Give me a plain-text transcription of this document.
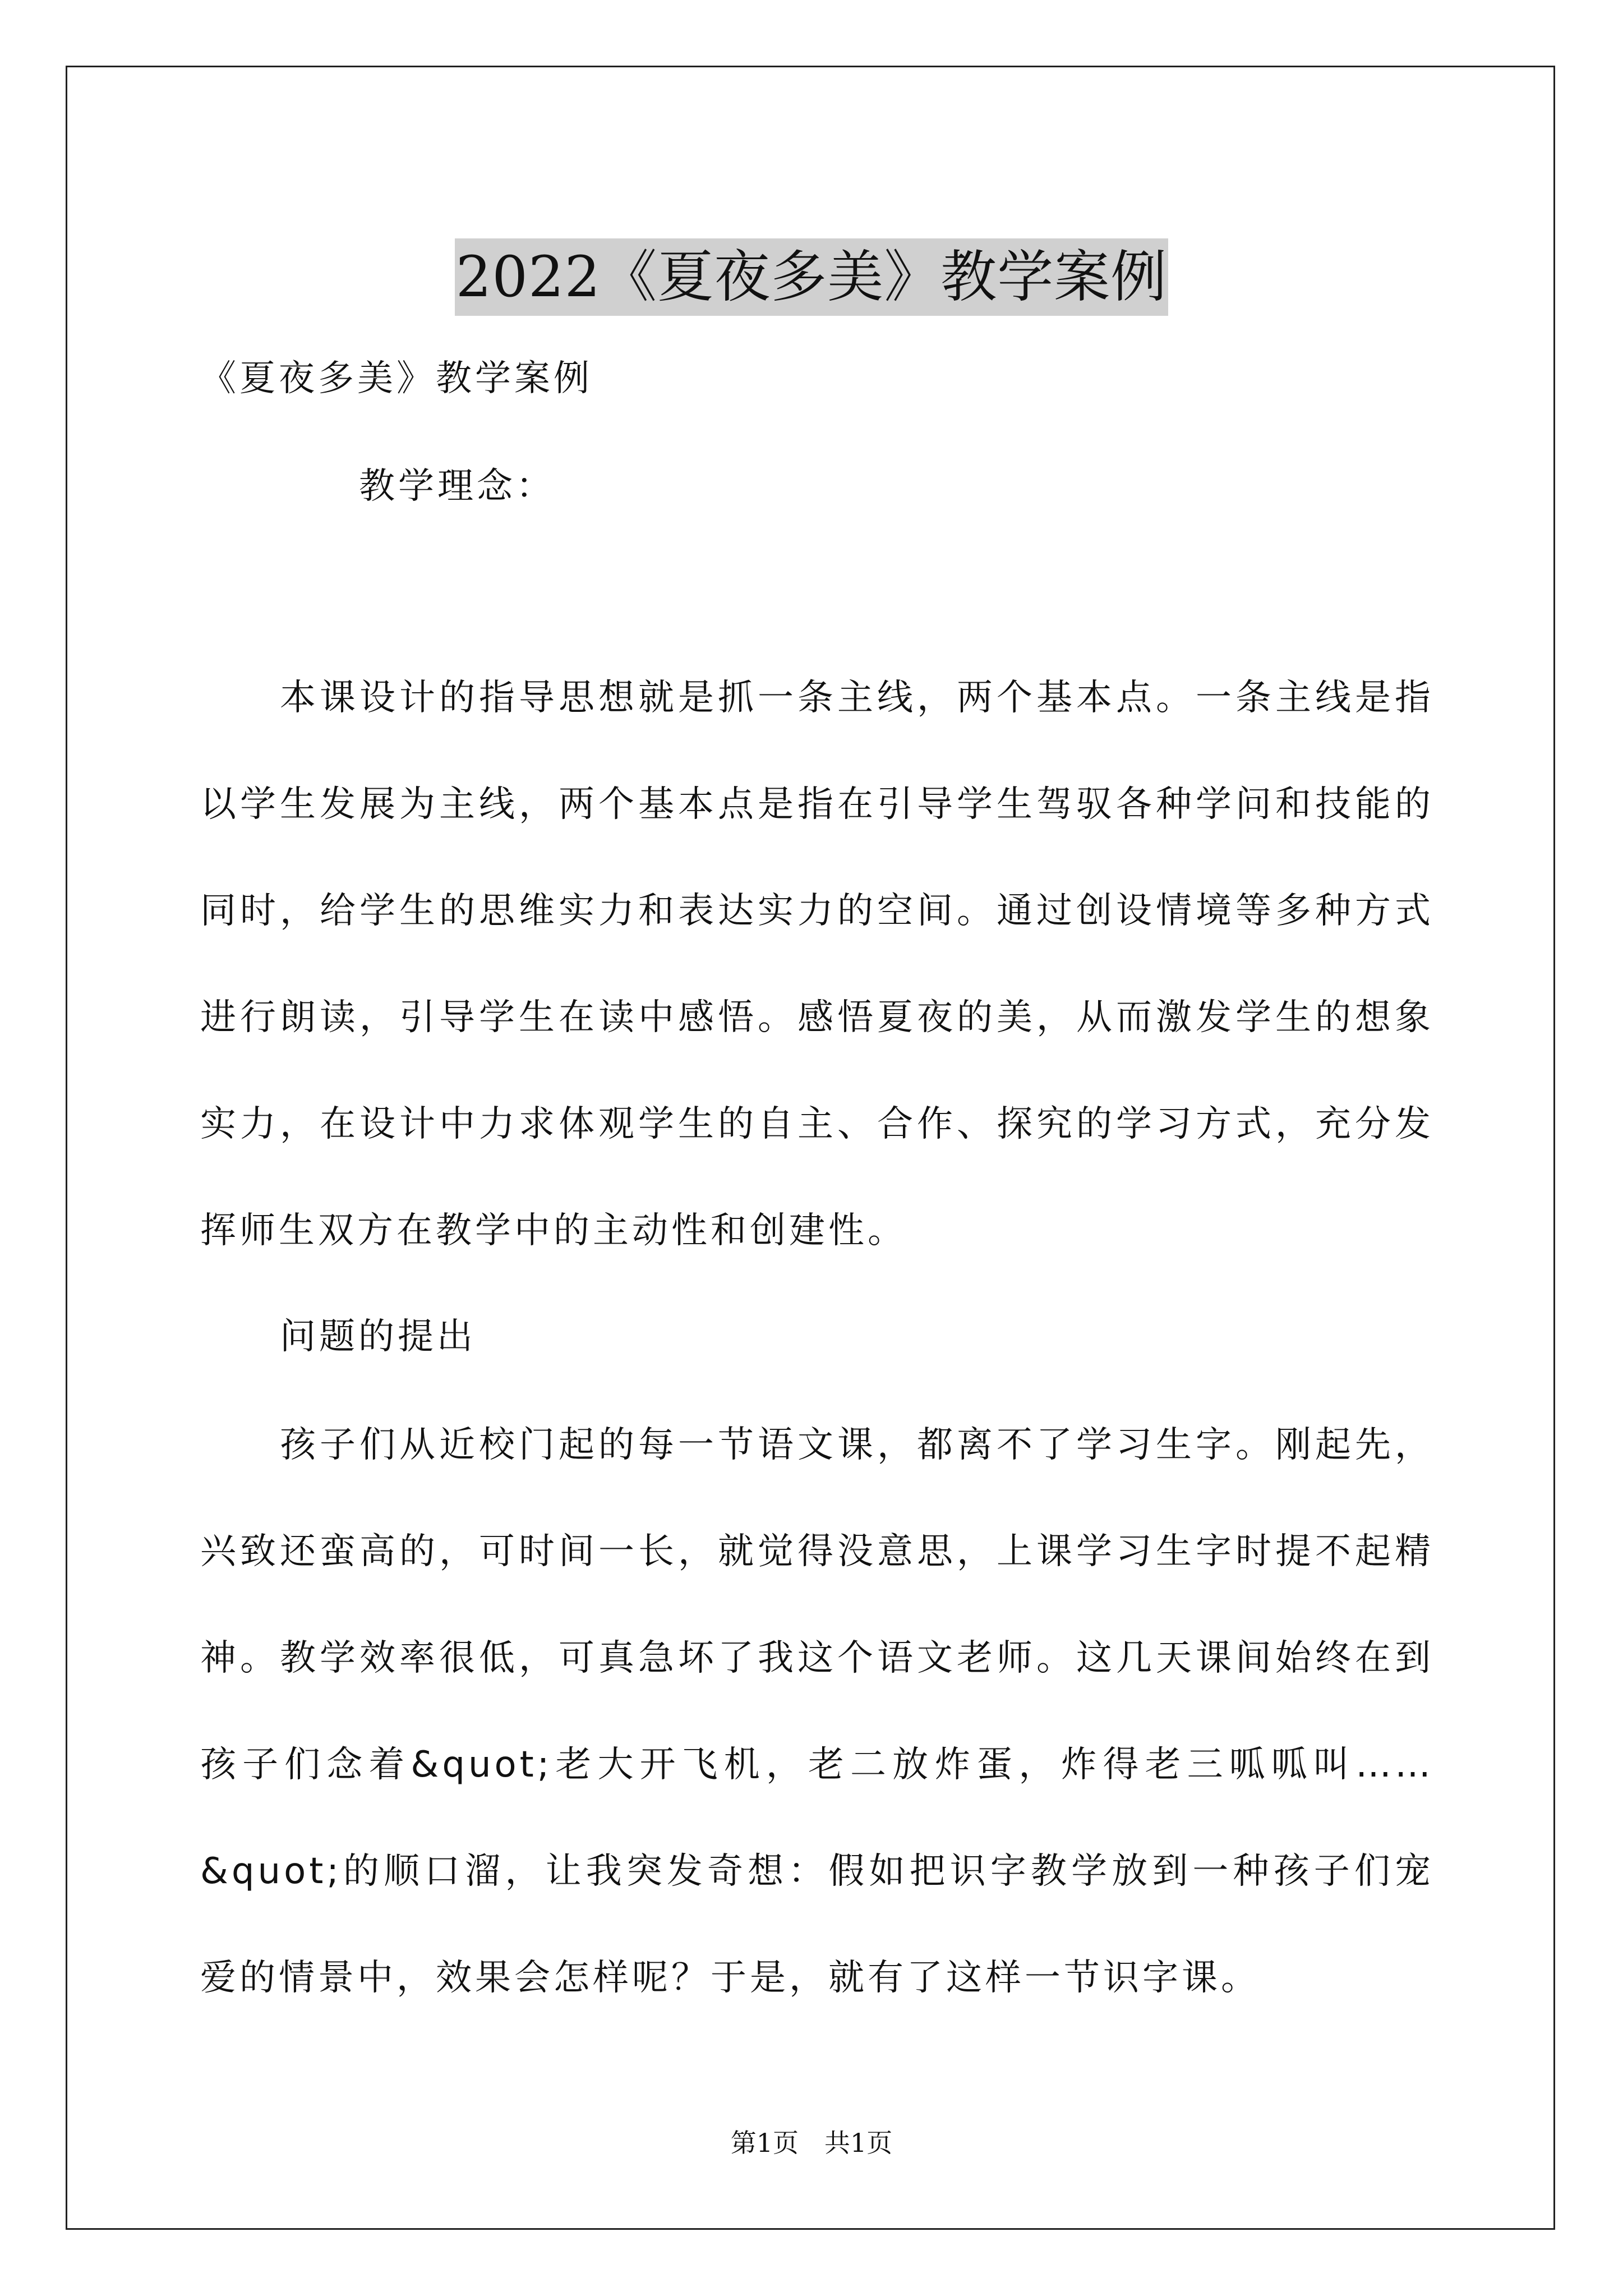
2022《夏夜多美》教学案例
《夏夜多美》教学案例
教学理念：

本课设计的指导思想就是抓一条主线，两个基本点。一条主线是指以学生发展为主线，两个基本点是指在引导学生驾驭各种学问和技能的同时，给学生的思维实力和表达实力的空间。通过创设情境等多种方式进行朗读，引导学生在读中感悟。感悟夏夜的美，从而激发学生的想象实力，在设计中力求体观学生的自主、合作、探究的学习方式，充分发挥师生双方在教学中的主动性和创建性。

问题的提出

孩子们从近校门起的每一节语文课，都离不了学习生字。刚起先，兴致还蛮高的，可时间一长，就觉得没意思，上课学习生字时提不起精神。教学效率很低，可真急坏了我这个语文老师。这几天课间始终在到孩子们念着&quot;老大开飞机，老二放炸蛋，炸得老三呱呱叫……&quot;的顺口溜，让我突发奇想：假如把识字教学放到一种孩子们宠爱的情景中，效果会怎样呢？于是，就有了这样一节识字课。

第1页　共1页
